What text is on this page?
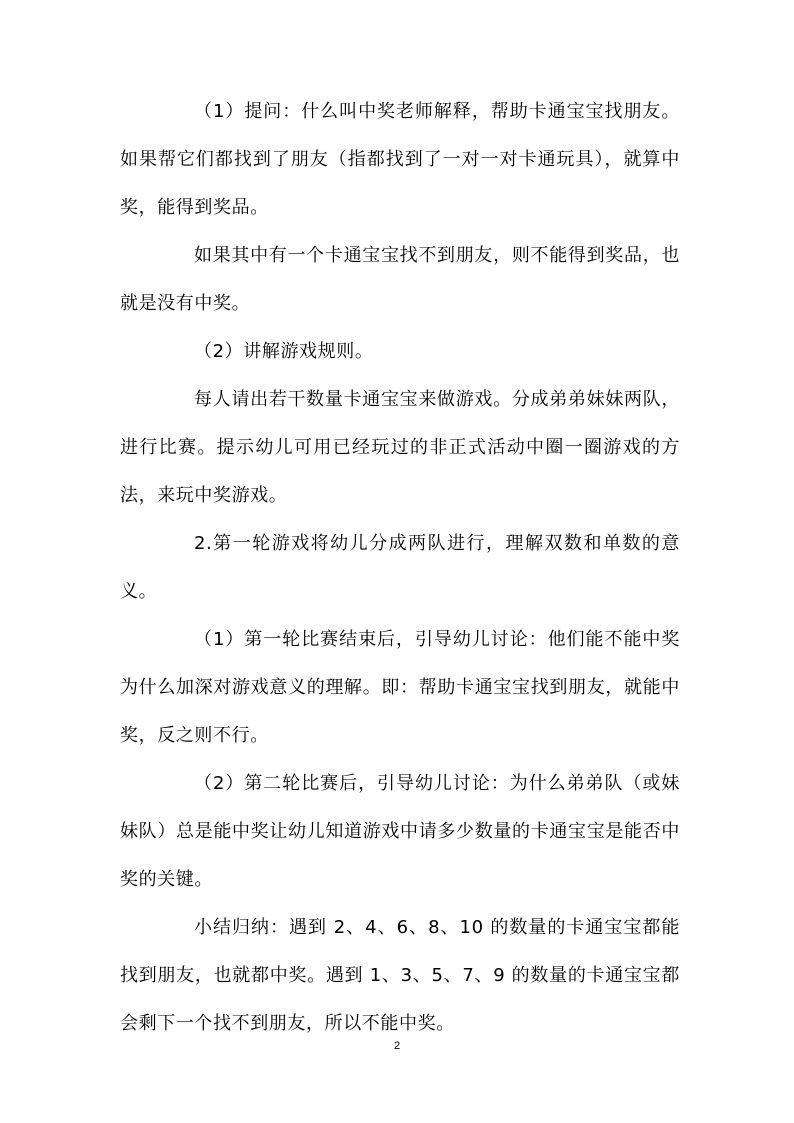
（1）提问：什么叫中奖老师解释，帮助卡通宝宝找朋友。如果帮它们都找到了朋友（指都找到了一对一对卡通玩具），就算中奖，能得到奖品。

如果其中有一个卡通宝宝找不到朋友，则不能得到奖品，也就是没有中奖。

（2）讲解游戏规则。

每人请出若干数量卡通宝宝来做游戏。分成弟弟妹妹两队，进行比赛。提示幼儿可用已经玩过的非正式活动中圈一圈游戏的方法，来玩中奖游戏。

2.第一轮游戏将幼儿分成两队进行，理解双数和单数的意义。

（1）第一轮比赛结束后，引导幼儿讨论：他们能不能中奖为什么加深对游戏意义的理解。即：帮助卡通宝宝找到朋友，就能中奖，反之则不行。

（2）第二轮比赛后，引导幼儿讨论：为什么弟弟队（或妹妹队）总是能中奖让幼儿知道游戏中请多少数量的卡通宝宝是能否中奖的关键。

小结归纳：遇到 2、4、6、8、10 的数量的卡通宝宝都能找到朋友，也就都中奖。遇到 1、3、5、7、9 的数量的卡通宝宝都会剩下一个找不到朋友，所以不能中奖。

2
